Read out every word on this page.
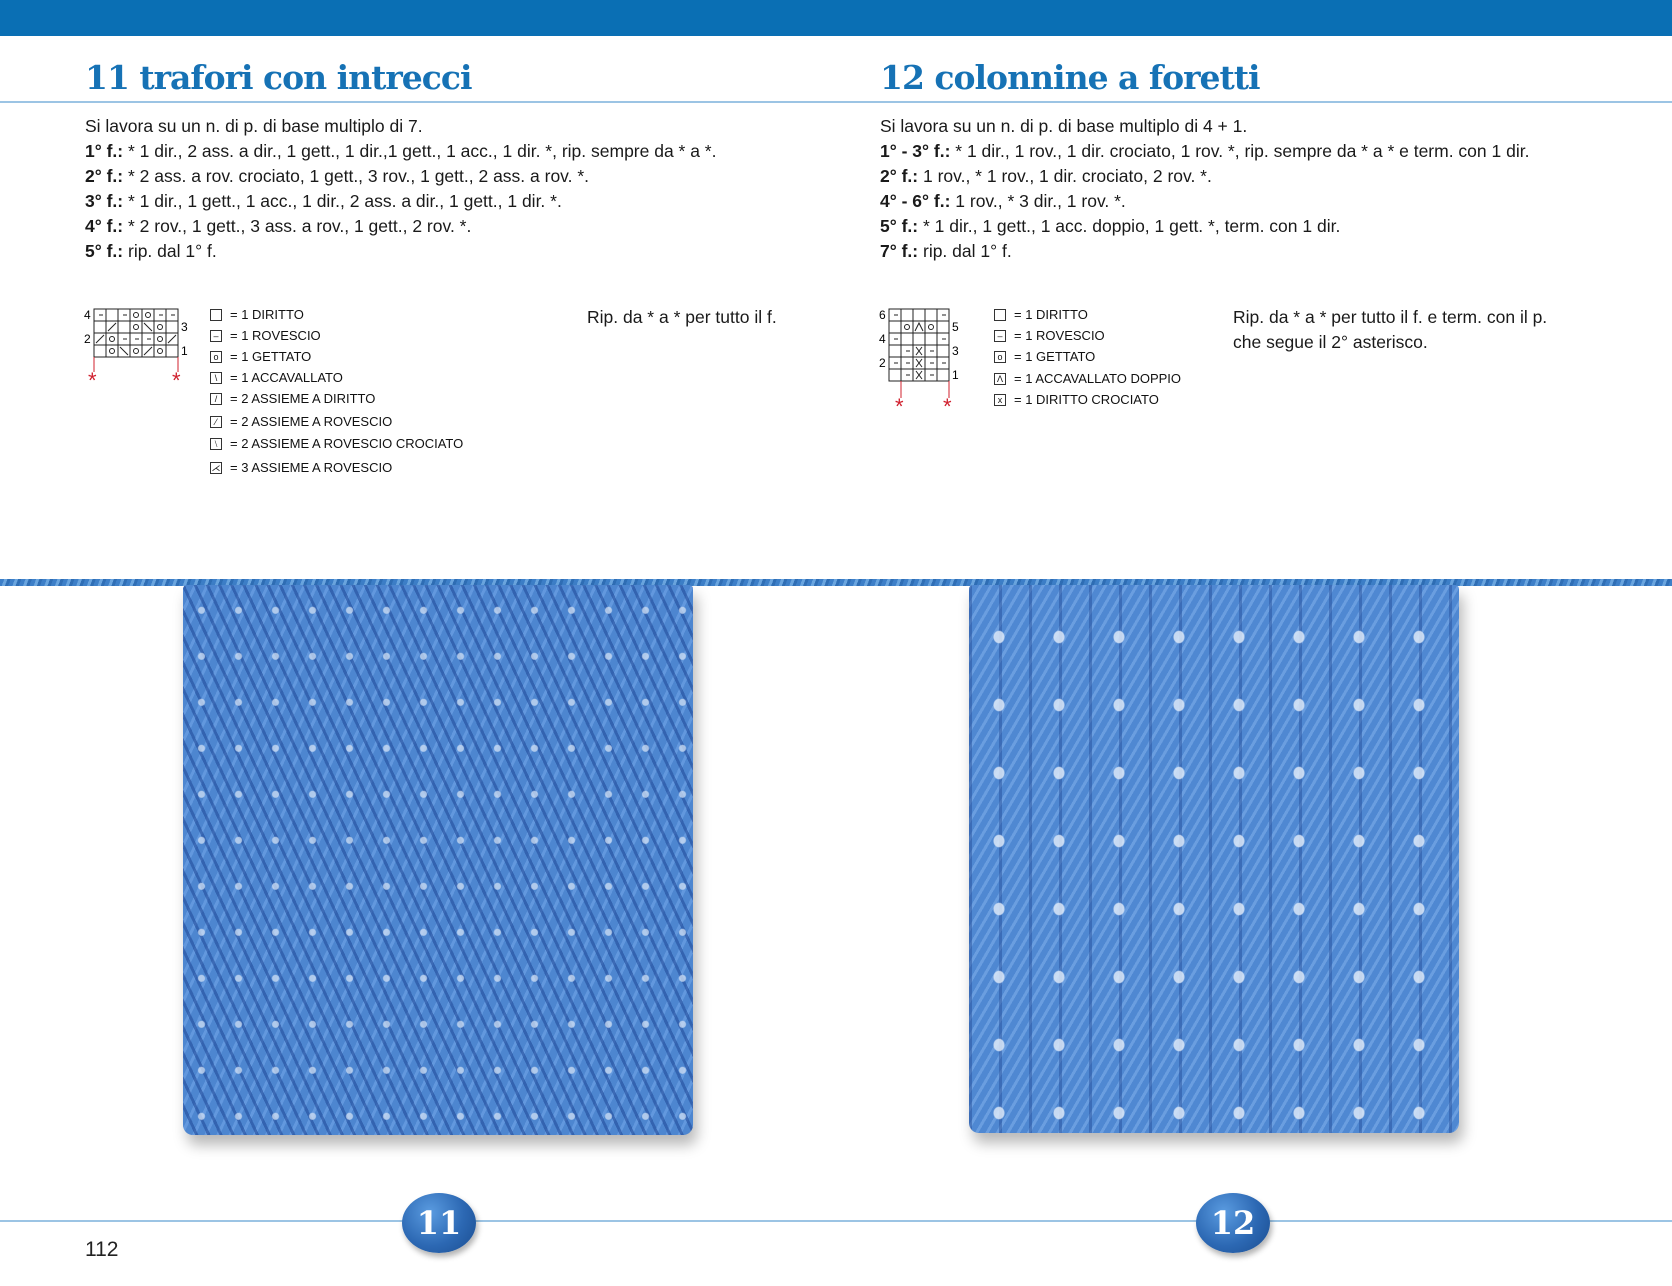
11 trafori con intrecci
Si lavora su un n. di p. di base multiplo di 7.
1° f.: * 1 dir., 2 ass. a dir., 1 gett., 1 dir.,1 gett., 1 acc., 1 dir. *, rip. sempre da * a *.
2° f.: * 2 ass. a rov. crociato, 1 gett., 3 rov., 1 gett., 2 ass. a rov. *.
3° f.: * 1 dir., 1 gett., 1 acc., 1 dir., 2 ass. a dir., 1 gett., 1 dir. *.
4° f.: * 2 rov., 1 gett., 3 ass. a rov., 1 gett., 2 rov. *.
5° f.: rip. dal 1° f.
4
2
3
1
*	*
= 1 DIRITTO
– = 1 ROVESCIO
o = 1 GETTATO
\ = 1 ACCAVALLATO
/ = 2 ASSIEME A DIRITTO
⁄ = 2 ASSIEME A ROVESCIO
⧵ = 2 ASSIEME A ROVESCIO CROCIATO
⋌ = 3 ASSIEME A ROVESCIO
Rip. da * a * per tutto il f.
12 colonnine a foretti
Si lavora su un n. di p. di base multiplo di 4 + 1.
1° - 3° f.: * 1 dir., 1 rov., 1 dir. crociato, 1 rov. *, rip. sempre da * a * e term. con 1 dir.
2° f.: 1 rov., * 1 rov., 1 dir. crociato, 2 rov. *.
4° - 6° f.: 1 rov., * 3 dir., 1 rov. *.
5° f.: * 1 dir., 1 gett., 1 acc. doppio, 1 gett. *, term. con 1 dir.
7° f.: rip. dal 1° f.
6
4
2
5
3
1
* *
= 1 DIRITTO
– = 1 ROVESCIO
o = 1 GETTATO
Λ = 1 ACCAVALLATO DOPPIO
x = 1 DIRITTO CROCIATO
Rip. da * a * per tutto il f. e term. con il p.
che segue il 2° asterisco.
112
11	12
